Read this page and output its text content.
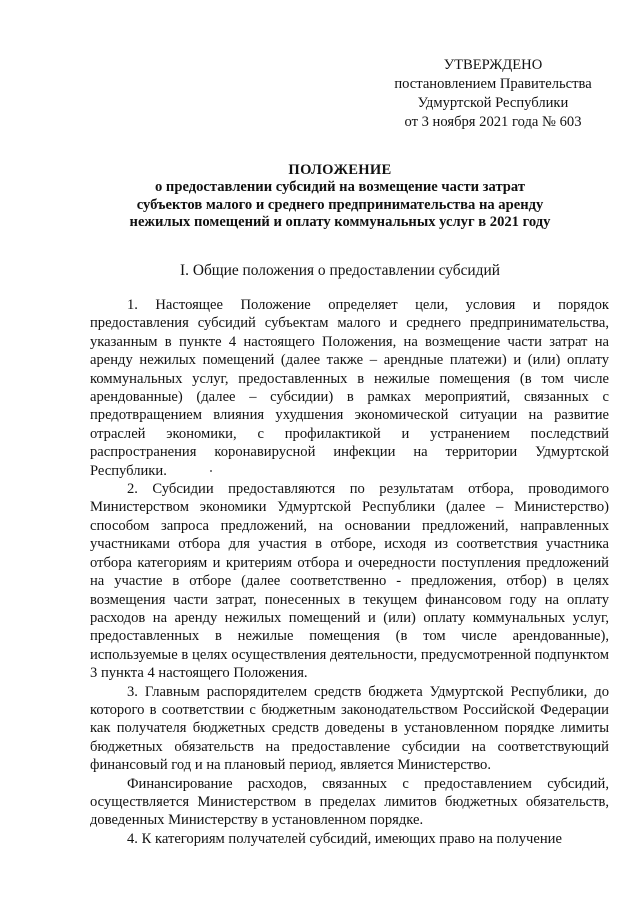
УТВЕРЖДЕНО
постановлением Правительства
Удмуртской Республики
от 3 ноября 2021 года № 603
ПОЛОЖЕНИЕ
о предоставлении субсидий на возмещение части затрат
субъектов малого и среднего предпринимательства на аренду
нежилых помещений и оплату коммунальных услуг в 2021 году
I. Общие положения о предоставлении субсидий

1. Настоящее Положение определяет цели, условия и порядок предоставления субсидий субъектам малого и среднего предпринимательства, указанным в пункте 4 настоящего Положения, на возмещение части затрат на аренду нежилых помещений (далее также – арендные платежи) и (или) оплату коммунальных услуг, предоставленных в нежилые помещения (в том числе арендованные) (далее – субсидии) в рамках мероприятий, связанных с предотвращением влияния ухудшения экономической ситуации на развитие отраслей экономики, с профилактикой и устранением последствий распространения коронавирусной инфекции на территории Удмуртской Республики.

2. Субсидии предоставляются по результатам отбора, проводимого Министерством экономики Удмуртской Республики (далее – Министерство) способом запроса предложений, на основании предложений, направленных участниками отбора для участия в отборе, исходя из соответствия участника отбора категориям и критериям отбора и очередности поступления предложений на участие в отборе (далее соответственно - предложения, отбор) в целях возмещения части затрат, понесенных в текущем финансовом году на оплату расходов на аренду нежилых помещений и (или) оплату коммунальных услуг, предоставленных в нежилые помещения (в том числе арендованные), используемые в целях осуществления деятельности, предусмотренной подпунктом 3 пункта 4 настоящего Положения.

3. Главным распорядителем средств бюджета Удмуртской Республики, до которого в соответствии с бюджетным законодательством Российской Федерации как получателя бюджетных средств доведены в установленном порядке лимиты бюджетных обязательств на предоставление субсидии на соответствующий финансовый год и на плановый период, является Министерство.

Финансирование расходов, связанных с предоставлением субсидий, осуществляется Министерством в пределах лимитов бюджетных обязательств, доведенных Министерству в установленном порядке.

4. К категориям получателей субсидий, имеющих право на получение
